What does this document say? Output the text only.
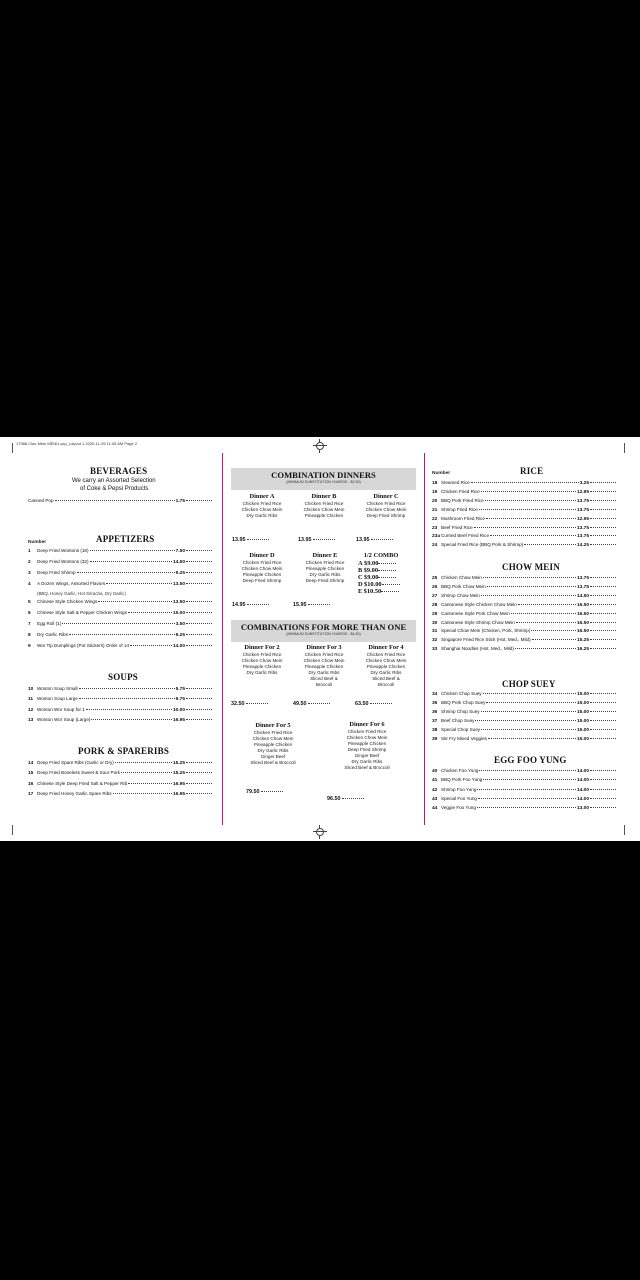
17988 Ciao Mein MENU.qxp_Layout 1 2020-11-05 11:05 AM Page 2
BEVERAGES
We carry an Assorted Selection
of Coke & Pepsi Products
Canned Pop	1.75
Number	APPETIZERS
1	Deep Fried Wontons (16)	7.50
2	Deep Fried Wontons (32)	14.50
3	Deep Fried Shrimp	9.25
4	A Dozen Wings, Assorted Flavors	13.50
(BBQ, Honey Garlic, Hot Sriracha, Dry Garlic)
5	Chinese Style Chicken Wings	13.50
6	Chinese Style Salt & Pepper Chicken Wings	15.00
7	Egg Roll (1)	3.50
8	Dry Garlic Ribs	9.25
9	Wor Tip Dumplings (Pot Stickers) Order of 14	14.00
SOUPS
10 Wonton Soup Small	5.75
11 Wonton Soup Large	9.75
12 Wonton Wor Soup for 1	10.00
13 Wonton Wor Soup (Large)	16.95
PORK & SPARERIBS
14 Deep Fried Spare Ribs (Garlic or Dry)	15.25
15 Deep Fried Boneless Sweet & Sour Pork	15.25
16 Chinese Style Deep Fried Salt & Pepper Rib	16.95
17 Deep Fried Honey Garlic Spare Ribs	16.95
COMBINATION DINNERS
(MINIMUM SUBSTITUTION CHARGE - $2.50)
Dinner A
Chicken Fried Rice
Chicken Chow Mein
Dry Garlic Ribs
13.95
Dinner B
Chicken Fried Rice
Chicken Chow Mein
Pineapple Chicken
13.95
Dinner C
Chicken Fried Rice
Chicken Chow Mein
Deep Fried Shrimp
13.95
Dinner D
Chicken Fried Rice
Chicken Chow Mein
Pineapple Chicken
Deep Fried Shrimp
14.95
Dinner E
Chicken Fried Rice
Pineapple Chicken
Dry Garlic Ribs
Deep Fried Shrimp
15.95
1/2 COMBO
A $9.00
B $9.00
C $9.00
D $10.00
E $10.50
COMBINATIONS FOR MORE THAN ONE
(MINIMUM SUBSTITUTION CHARGE - $4.50)
Dinner For 2
Chicken Fried Rice
Chicken Chow Mein
Pineapple Chicken
Dry Garlic Ribs
32.50
Dinner For 3
Chicken Fried Rice
Chicken Chow Mein
Pineapple Chicken
Dry Garlic Ribs
Sliced Beef &
Broccoli
49.50
Dinner For 4
Chicken Fried Rice
Chicken Chow Mein
Pineapple Chicken
Dry Garlic Ribs
Sliced Beef &
Broccoli
63.50
Dinner For 5
Chicken Fried Rice
Chicken Chow Mein
Pineapple Chicken
Dry Garlic Ribs
Ginger Beef
Sliced Beef & Broccoli
79.50
Dinner For 6
Chicken Fried Rice
Chicken Chow Mein
Pineapple Chicken
Deep Fried Shrimp
Ginger Beef
Dry Garlic Ribs
Sliced Beef & Broccoli
96.50
Number	RICE
18 Steamed Rice	3.25
19 Chicken Fried Rice	12.95
20 BBQ Pork Fried Rice	13.75
21 Shrimp Fried Rice	13.75
22 Mushroom Fried Rice	12.95
23 Beef Fried Rice	13.75
23a Curried Beef Fried Rice	13.75
24 Special Fried Rice (BBQ Pork & Shrimp)	14.25
CHOW MEIN
25 Chicken Chow Mein	13.75
26 BBQ Pork Chow Mein	13.75
27 Shrimp Chow Mein	14.50
28 Cantonese Style Chicken Chow Mein	16.50
29 Cantonese Style Pork Chow Mein	16.50
30 Cantonese Style Shrimp Chow Mein	16.50
31 Special Chow Mein (Chicken, Pork, Shrimp)	16.50
32 Singapore Fried Rice Stick (Hot, Med., Mild)	15.25
33 Shanghai Noodles (Hot, Med., Mild)	16.25
CHOP SUEY
34 Chicken Chop Suey	15.00
35 BBQ Pork Chop Suey	15.00
36 Shrimp Chop Suey	15.00
37 Beef Chop Suey	15.00
38 Special Chop Suey	15.00
39 Stir Fry Mixed Veggies	15.00
EGG FOO YUNG
40 Chicken Foo Yung	14.00
41 BBQ Pork Foo Yung	14.00
42 Shrimp Foo Yung	14.00
43 Special Foo Yung	14.00
44 Veggie Foo Yung	13.00
